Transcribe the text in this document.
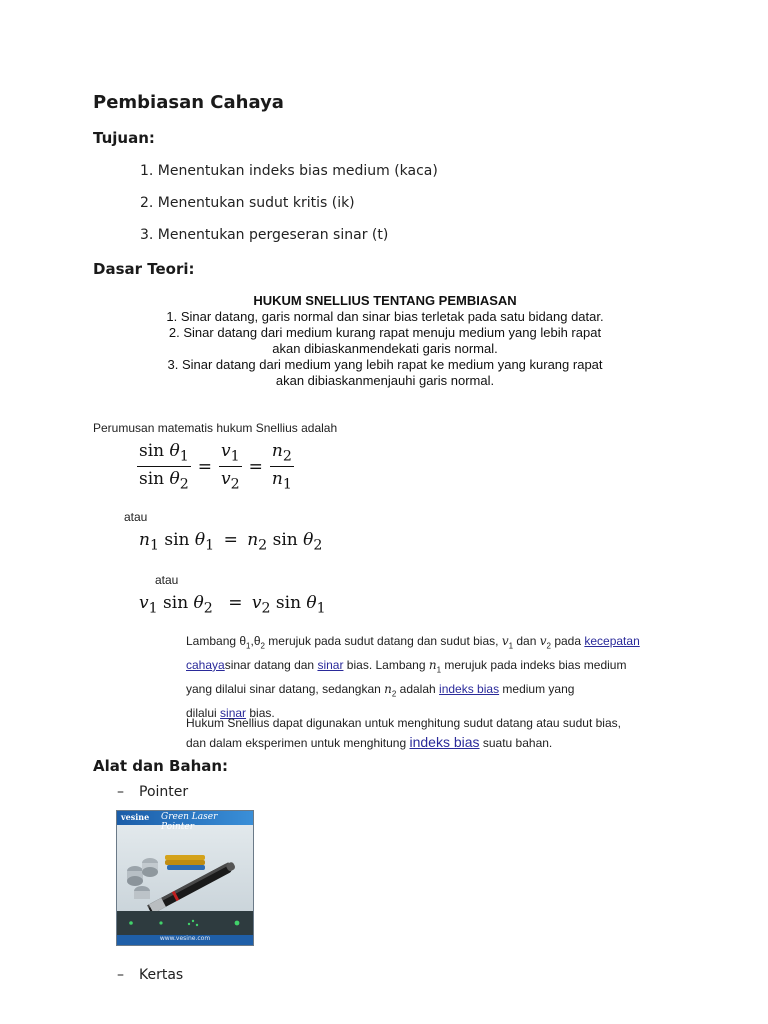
Pembiasan Cahaya
Tujuan:
1. Menentukan indeks bias medium (kaca)
2. Menentukan sudut kritis (ik)
3. Menentukan pergeseran sinar (t)
Dasar Teori:
HUKUM SNELLIUS TENTANG PEMBIASAN
1. Sinar datang, garis normal dan sinar bias terletak pada satu bidang datar.
2. Sinar datang dari medium kurang rapat menuju medium yang lebih rapat
akan dibiaskanmendekati garis normal.
3. Sinar datang dari medium yang lebih rapat ke medium yang kurang rapat
akan dibiaskanmenjauhi garis normal.
Perumusan matematis hukum Snellius adalah
$\frac{\sin \theta_1}{\sin \theta_2} = \frac{v_1}{v_2} = \frac{n_2}{n_1}$
atau
$n_1$ $\sin \theta_1 = n_2$ $\sin \theta_2$
atau
$v_1$ $\sin \theta_2 = v_2$ $\sin \theta_1$
Lambang $\theta_1,\theta_2$ merujuk pada sudut datang dan sudut bias, $v_1$ dan $v_2$ pada kecepatan
cahayasinar datang dan sinar bias. Lambang $n_1$ merujuk pada indeks bias medium
yang dilalui sinar datang, sedangkan $n_2$ adalah indeks bias medium yang
dilalui sinar bias.
Hukum Snellius dapat digunakan untuk menghitung sudut datang atau sudut bias,
dan dalam eksperimen untuk menghitung indeks bias suatu bahan.
Alat dan Bahan:
– Pointer
vesine Green Laser Pointer
www.vesine.com
– Kertas
